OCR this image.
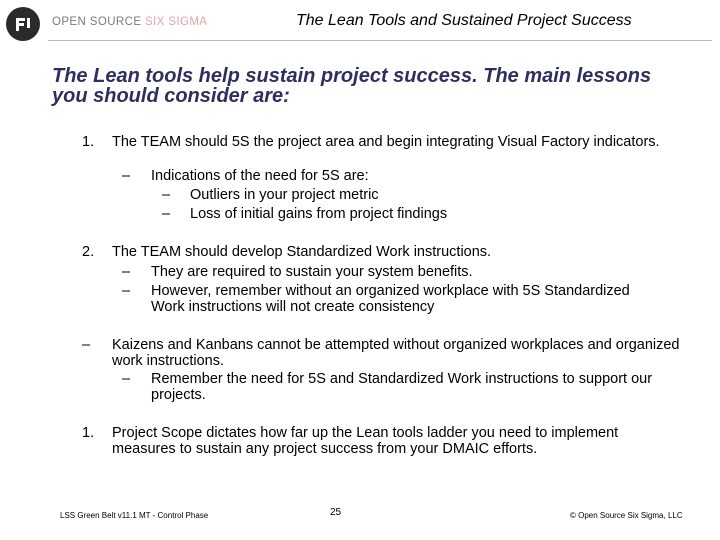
OPEN SOURCE SIX SIGMA	The Lean Tools and Sustained Project Success
The Lean tools help sustain project success. The main lessons you should consider are:
1. The TEAM should 5S the project area and begin integrating Visual Factory indicators.
– Indications of the need for 5S are:
– Outliers in your project metric
– Loss of initial gains from project findings
2. The TEAM should develop Standardized Work instructions.
– They are required to sustain your system benefits.
– However, remember without an organized workplace with 5S Standardized Work instructions will not create consistency
– Kaizens and Kanbans cannot be attempted without organized workplaces and organized work instructions.
– Remember the need for 5S and Standardized Work instructions to support our projects.
1. Project Scope dictates how far up the Lean tools ladder you need to implement measures to sustain any project success from your DMAIC efforts.
LSS Green Belt v11.1 MT - Control Phase	25	© Open Source Six Sigma, LLC
